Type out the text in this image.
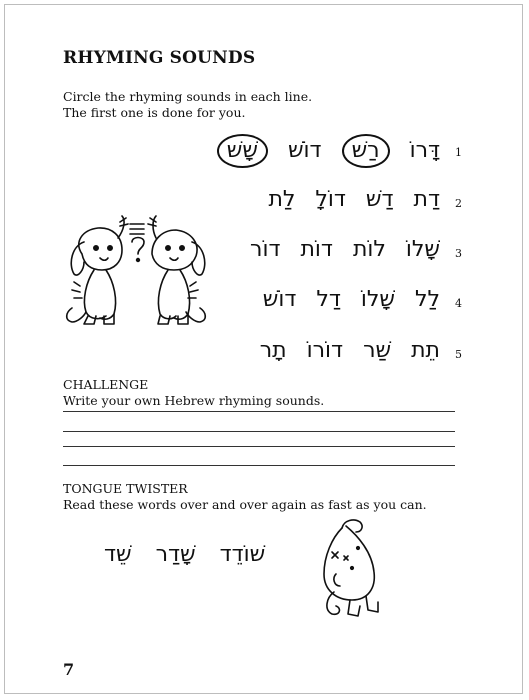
RHYMING SOUNDS
Circle the rhyming sounds in each line.
The first one is done for you.
1
דָּרוֹ
רַשׁ
דוֹשׁ
שָׁשׁ
2
דַת
דַשׁ
דוֹלָ
לַת
3
שָׁלוֹ
לוֹת
דוֹת
דוֹר
4
לַל
שָׁלוֹ
דַל
דוֹשׁ
5
תֵת
שַׁר
דוֹרוֹ
תָר
CHALLENGE
Write your own Hebrew rhyming sounds.
TONGUE TWISTER
Read these words over and over again as fast as you can.
שׁוֹדֵד
שָׁדַר
שֵׁד
7
